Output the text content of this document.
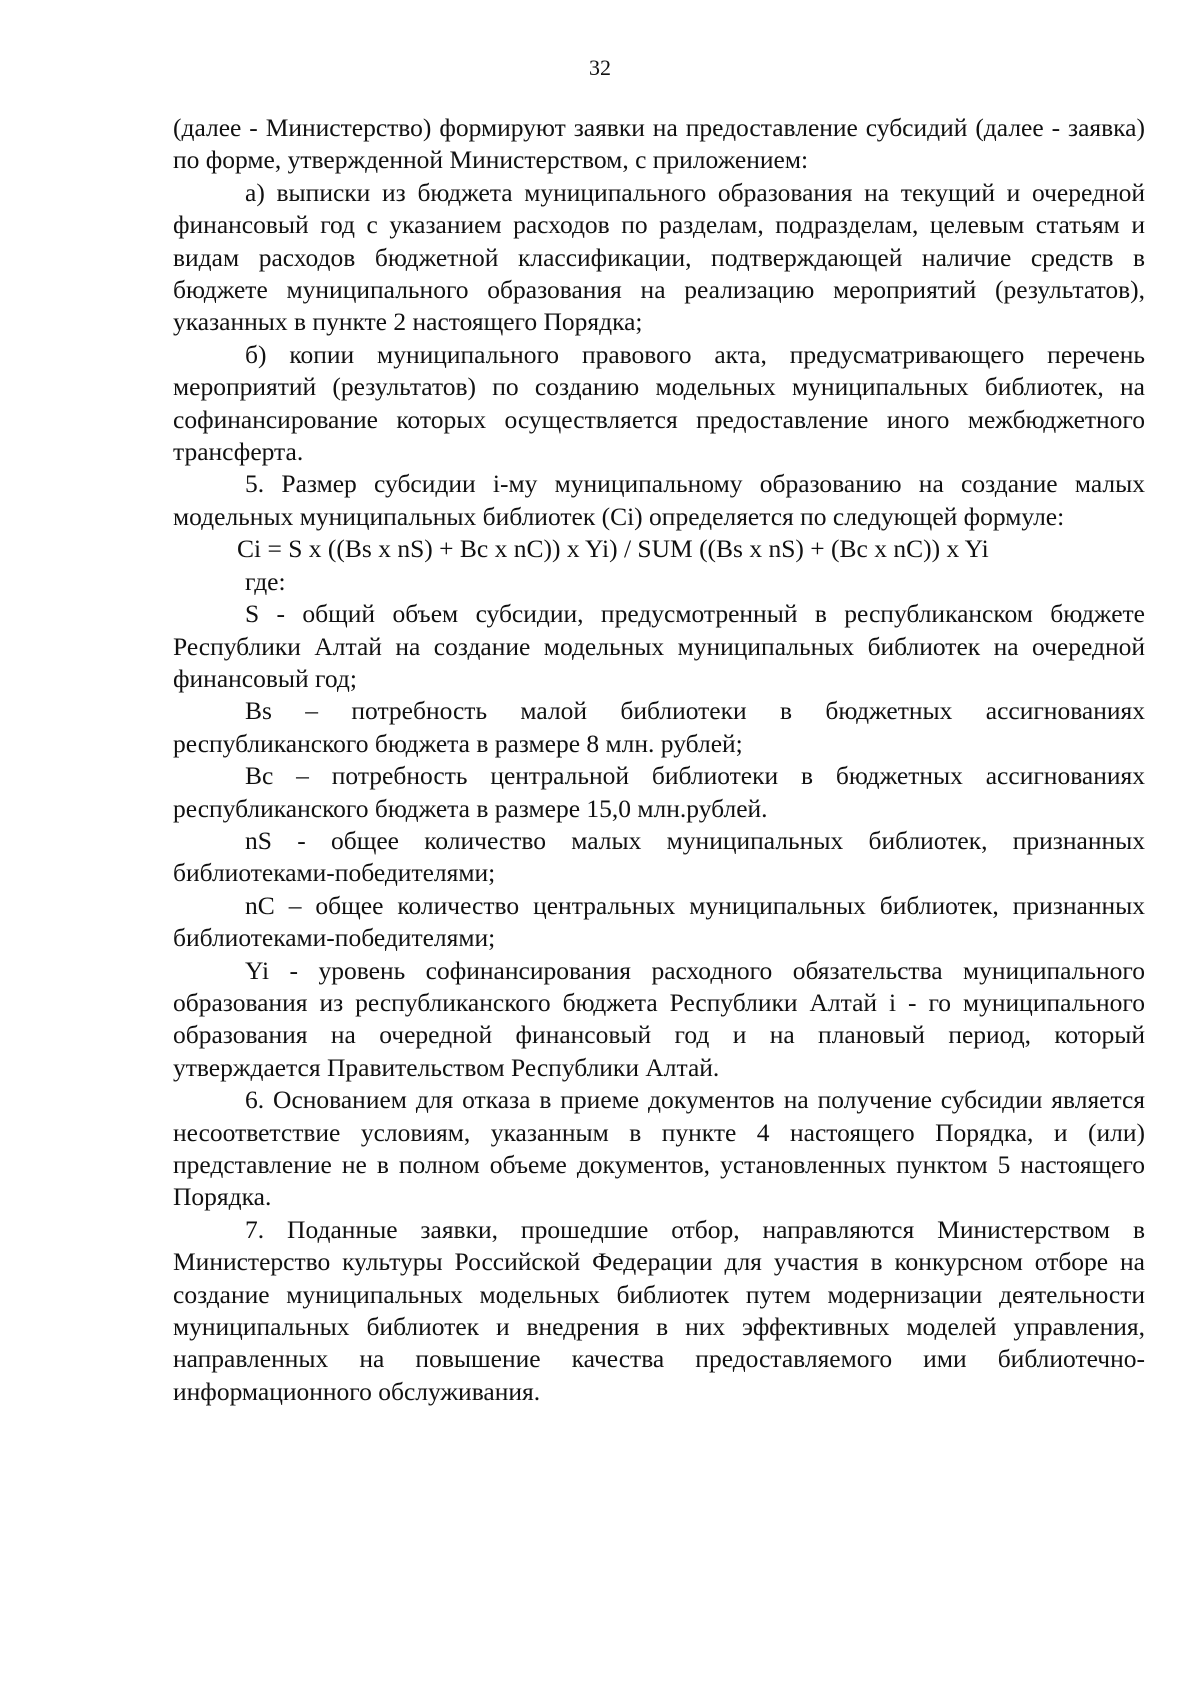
32

(далее - Министерство) формируют заявки на предоставление субсидий (далее - заявка) по форме, утвержденной Министерством, с приложением:

а) выписки из бюджета муниципального образования на текущий и очередной финансовый год с указанием расходов по разделам, подразделам, целевым статьям и видам расходов бюджетной классификации, подтверждающей наличие средств в бюджете муниципального образования на реализацию мероприятий (результатов), указанных в пункте 2 настоящего Порядка;

б) копии муниципального правового акта, предусматривающего перечень мероприятий (результатов) по созданию модельных муниципальных библиотек, на софинансирование которых осуществляется предоставление иного межбюджетного трансферта.

5. Размер субсидии i-му муниципальному образованию на создание малых модельных муниципальных библиотек (Ci) определяется по следующей формуле:

Ci = S x ((Bs x nS) + Bc x nC)) x Yi) / SUM ((Bs x nS) + (Bc x nC)) x Yi

где:

S - общий объем субсидии, предусмотренный в республиканском бюджете Республики Алтай на создание модельных муниципальных библиотек на очередной финансовый год;

Bs – потребность малой библиотеки в бюджетных ассигнованиях республиканского бюджета в размере 8 млн. рублей;

Bc – потребность центральной библиотеки в бюджетных ассигнованиях республиканского бюджета в размере 15,0 млн.рублей.

nS - общее количество малых муниципальных библиотек, признанных библиотеками-победителями;

nC – общее количество центральных муниципальных библиотек, признанных библиотеками-победителями;

Yi - уровень софинансирования расходного обязательства муниципального образования из республиканского бюджета Республики Алтай i - го муниципального образования на очередной финансовый год и на плановый период, который утверждается Правительством Республики Алтай.

6. Основанием для отказа в приеме документов на получение субсидии является несоответствие условиям, указанным в пункте 4 настоящего Порядка, и (или) представление не в полном объеме документов, установленных пунктом 5 настоящего Порядка.

7. Поданные заявки, прошедшие отбор, направляются Министерством в Министерство культуры Российской Федерации для участия в конкурсном отборе на создание муниципальных модельных библиотек путем модернизации деятельности муниципальных библиотек и внедрения в них эффективных моделей управления, направленных на повышение качества предоставляемого ими библиотечно-информационного обслуживания.
